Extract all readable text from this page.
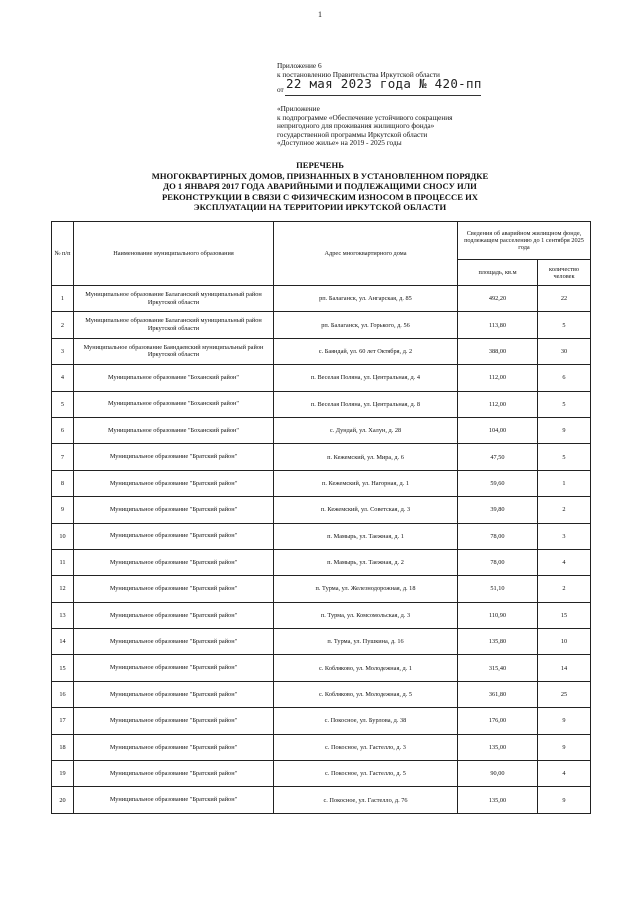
1
Приложение 6
к постановлению Правительства Иркутской области
от 22 мая 2023 года № 420-пп
«Приложение
к подпрограмме «Обеспечение устойчивого сокращения
непригодного для проживания жилищного фонда»
государственной программы Иркутской области
«Доступное жилье» на 2019 - 2025 годы
ПЕРЕЧЕНЬ
МНОГОКВАРТИРНЫХ ДОМОВ, ПРИЗНАННЫХ В УСТАНОВЛЕННОМ ПОРЯДКЕ
ДО 1 ЯНВАРЯ 2017 ГОДА АВАРИЙНЫМИ И ПОДЛЕЖАЩИМИ СНОСУ ИЛИ
РЕКОНСТРУКЦИИ В СВЯЗИ С ФИЗИЧЕСКИМ ИЗНОСОМ В ПРОЦЕССЕ ИХ
ЭКСПЛУАТАЦИИ НА ТЕРРИТОРИИ ИРКУТСКОЙ ОБЛАСТИ
№ п/п	Наименование муниципального образования	Адрес многоквартирного дома	Сведения об аварийном жилищном фонде, подлежащем расселению до 1 сентября 2025 года	
			площадь, кв.м	количество человек
1	Муниципальное образование Балаганский муниципальный район Иркутской области	рп. Балаганск, ул. Ангарская, д. 85	492,20	22
2	Муниципальное образование Балаганский муниципальный район Иркутской области	рп. Балаганск, ул. Горького, д. 56	113,80	5
3	Муниципальное образование Баяндаевский муниципальный район Иркутской области	с. Баяндай, ул. 60 лет Октября, д. 2	388,00	30
4	Муниципальное образование "Боханский район"	п. Веселая Поляна, ул. Центральная, д. 4	112,00	6
5	Муниципальное образование "Боханский район"	п. Веселая Поляна, ул. Центральная, д. 8	112,00	5
6	Муниципальное образование "Боханский район"	с. Дундай, ул. Халун, д. 28	104,00	9
7	Муниципальное образование "Братский район"	п. Кежемский, ул. Мира, д. 6	47,50	5
8	Муниципальное образование "Братский район"	п. Кежемский, ул. Нагорная, д. 1	59,60	1
9	Муниципальное образование "Братский район"	п. Кежемский, ул. Советская, д. 3	39,80	2
10	Муниципальное образование "Братский район"	п. Мамырь, ул. Таежная, д. 1	78,00	3
11	Муниципальное образование "Братский район"	п. Мамырь, ул. Таежная, д. 2	78,00	4
12	Муниципальное образование "Братский район"	п. Турма, ул. Железнодорожная, д. 18	51,10	2
13	Муниципальное образование "Братский район"	п. Турма, ул. Комсомольская, д. 3	110,90	15
14	Муниципальное образование "Братский район"	п. Турма, ул. Пушкина, д. 16	135,80	10
15	Муниципальное образование "Братский район"	с. Кобляково, ул. Молодежная, д. 1	315,40	14
16	Муниципальное образование "Братский район"	с. Кобляково, ул. Молодежная, д. 5	361,80	25
17	Муниципальное образование "Братский район"	с. Покосное, ул. Бурлова, д. 38	176,00	9
18	Муниципальное образование "Братский район"	с. Покосное, ул. Гастелло, д. 3	135,00	9
19	Муниципальное образование "Братский район"	с. Покосное, ул. Гастелло, д. 5	90,00	4
20	Муниципальное образование "Братский район"	с. Покосное, ул. Гастелло, д. 76	135,00	9
